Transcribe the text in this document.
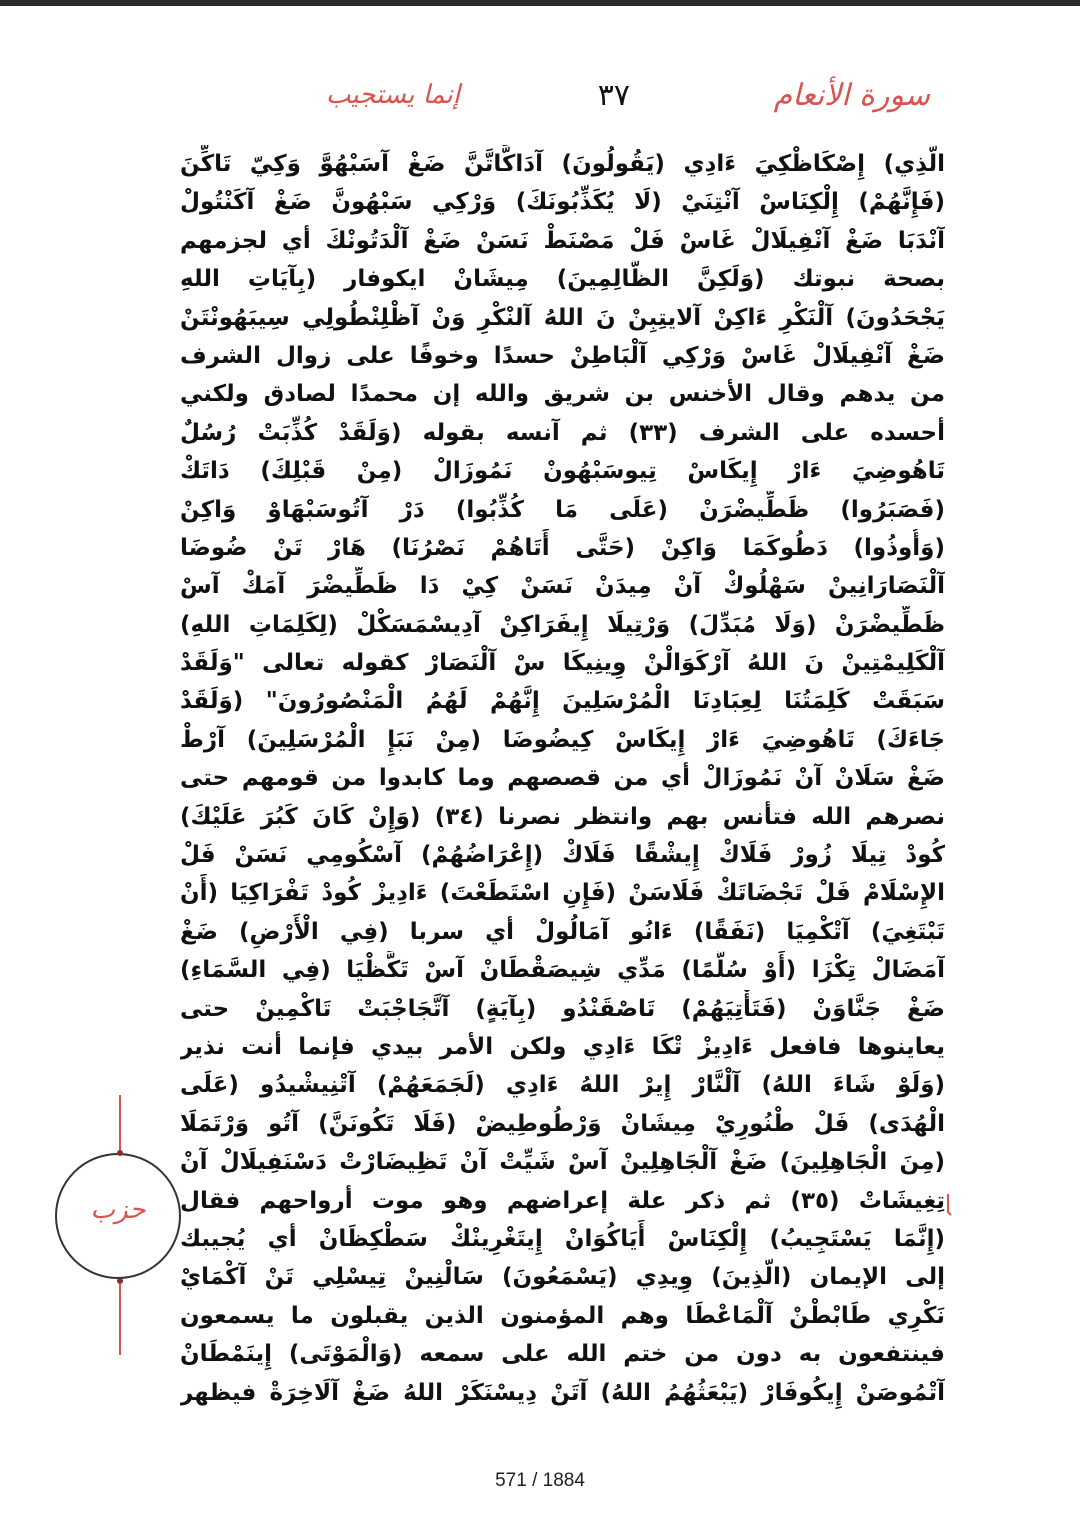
سورة الأنعام
٣٧
إنما يستجيب
الَّذِي) إِصْكَاظْكِيَ ءَادِي (يَقُولُونَ) آدَاكَّاتَّنَّ ضَغْ آسَبْهُوَّ وَكِيّ تَاكِّنَ
(فَإِنَّهُمْ) إِلْكِنَاسْ آنْتِنَيْ (لَا يُكَذِّبُونَكَ) وَرْكِي سَبْهُونَّ ضَغْ آكَنْتُولْ
آنْدَبَا ضَغْ آنْفِيلَالْ غَاسْ فَلْ مَصْنَطْ نَسَنْ ضَغْ آلْدَتُونْكَ أي لجزمهم
بصحة نبوتك (وَلَكِنَّ الظَّالِمِينَ) مِيشَانْ ايكوفار (بِآيَاتِ اللهِ
يَجْحَدُونَ) آلْنَكْرِ ءَاكِنْ آلايتِبِنْ نَ اللهُ آلنْكْرِ وَنْ آظْلِنْطُولِي سِيبَهُونْتَنْ
ضَغْ آنْفِيلَالْ غَاسْ وَرْكِي آلْبَاطِنْ حسدًا وخوفًا على زوال الشرف
من يدهم وقال الأخنس بن شريق والله إن محمدًا لصادق ولكني
أحسده على الشرف (٣٣) ثم آنسه بقوله (وَلَقَدْ كُذِّبَتْ رُسُلٌ
تَاهُوضِيَ ءَارْ إِيكَاسْ تِيوسَبْهُونْ نَمُوزَالْ (مِنْ قَبْلِكَ) دَاتَكْ
(فَصَبَرُوا) ظَطِّيضْرَنْ (عَلَى مَا كُذِّبُوا) دَرْ آتُوسَبْهَاوْ وَاكِنْ
(وَأُوذُوا) دَطُوكَمَا وَاكِنْ (حَتَّى أَتَاهُمْ نَصْرُنَا) هَارْ تَنْ ضُوضَا
آلْنَصَارَانِينْ سَهْلُوكْ آنْ مِيدَنْ نَسَنْ كِيْ دَا ظَطِّيضْرَ آمَكْ آسْ
ظَطِّيضْرَنْ (وَلَا مُبَدِّلَ) وَرْتِيلَا إِيفَرَاكِنْ آدِيسْمَسَكْلْ (لِكَلِمَاتِ اللهِ)
آلْكَلِيمْتِينْ نَ اللهُ آرْكَوَالْنْ وِينِيكَا سْ آلْنَصَارْ كقوله تعالى "وَلَقَدْ
سَبَقَتْ كَلِمَتُنَا لِعِبَادِنَا الْمُرْسَلِينَ إِنَّهُمْ لَهُمُ الْمَنْصُورُونَ" (وَلَقَدْ
جَاءَكَ) تَاهُوضِيَ ءَارْ إِيكَاسْ كِيضُوضَا (مِنْ نَبَإِ الْمُرْسَلِينَ) آرْطْ
ضَغْ سَلَانْ آنْ نَمُوزَالْ أي من قصصهم وما كابدوا من قومهم حتى
نصرهم الله فتأنس بهم وانتظر نصرنا (٣٤) (وَإِنْ كَانَ كَبُرَ عَلَيْكَ)
كُودْ تِيلَا زُورْ فَلَاكْ إِيشْقًا فَلَاكْ (إِعْرَاضُهُمْ) آسْكُومِي نَسَنْ فَلْ
الإِسْلَامْ فَلْ تَجْضَاتَكْ فَلَاسَنْ (فَإِنِ اسْتَطَعْتَ) ءَادِيزْ كُودْ تَفْرَاكِيَا (أَنْ
تَبْتَغِيَ) آتْكْمِيَا (نَفَقًا) ءَانُو آمَالُولْ أي سربا (فِي الْأَرْضِ) ضَغْ
آمَضَالْ تِكْزَا (أَوْ سُلَّمًا) مَدِّي شِيصَقْطَانْ آسْ تَكَّظْيَا (فِي السَّمَاءِ)
ضَغْ جَنَّاوَنْ (فَتَأْتِيَهُمْ) تَاصْقَنْدُو (بِآيَةٍ) آتَّجَاجْبَتْ تَاكْمِينْ حتى
يعاينوها فافعل ءَادِيزْ تْكَا ءَادِي ولكن الأمر بيدي فإنما أنت نذير
(وَلَوْ شَاءَ اللهُ) آلْنَّارْ إِيرْ اللهُ ءَادِي (لَجَمَعَهُمْ) آتْنِيشْيدُو (عَلَى
الْهُدَى) فَلْ طْنُورِيْ مِيشَانْ وَرْطُوطِيضْ (فَلَا تَكُونَنَّ) آتُو وَرْتَمَلَا
(مِنَ الْجَاهِلِينَ) ضَغْ آلْجَاهِلِينْ آسْ شَيِّتْ آنْ تَظِيضَارْتْ دَسْنَفِيلَالْ آنْ
تِغِيشَاتْ (٣٥) ثم ذكر علة إعراضهم وهو موت أرواحهم فقال
(إِنَّمَا يَسْتَجِيبُ) إِلْكِنَاسْ أَيَاكُوَانْ إِيتَغْرِينْكْ سَطْكِظَانْ أي يُجيبك
إلى الإيمان (الَّذِينَ) وِيدِي (يَسْمَعُونَ) سَالْنِينْ تِيسْلِي تَنْ آكْمَايْ
نَكْرِي طَابْطْنْ آلْمَاعْطَا وهم المؤمنون الذين يقبلون ما يسمعون
فينتفعون به دون من ختم الله على سمعه (وَالْمَوْتَى) إِينَمْطَانْ
آتْمُوصَنْ إِيكُوفَارْ (يَبْعَثُهُمُ اللهُ) آتَنْ دِيسْنَكَرْ اللهُ ضَغْ آلَاخِرَةْ فيظهر
حزب
571 / 1884
